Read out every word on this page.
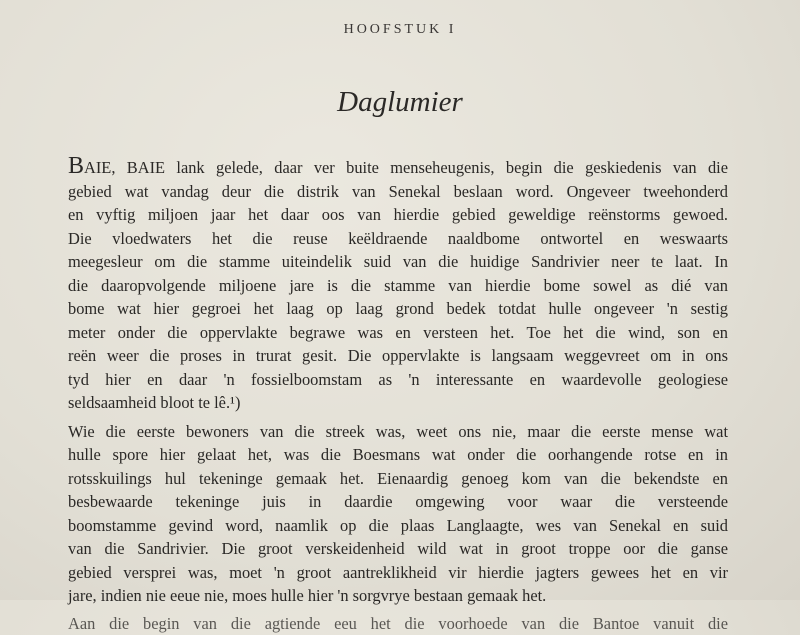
HOOFSTUK I
Daglumier
BAIE, BAIE lank gelede, daar ver buite menseheugenis, begin die geskiedenis van die
gebied wat vandag deur die distrik van Senekal beslaan word. Ongeveer tweehonderd
en vyftig miljoen jaar het daar oos van hierdie gebied geweldige reënstorms gewoed.
Die vloedwaters het die reuse keëldraende naaldbome ontwortel en weswaarts
meegesleur om die stamme uiteindelik suid van die huidige Sandrivier neer te laat. In
die daaropvolgende miljoene jare is die stamme van hierdie bome sowel as dié van
bome wat hier gegroei het laag op laag grond bedek totdat hulle ongeveer 'n sestig
meter onder die oppervlakte begrawe was en versteen het. Toe het die wind, son en
reën weer die proses in trurat gesit. Die oppervlakte is langsaam weggevreet om in ons
tyd hier en daar 'n fossielboomstam as 'n interessante en waardevolle geologiese
seldsaamheid bloot te lê.¹)
Wie die eerste bewoners van die streek was, weet ons nie, maar die eerste mense wat
hulle spore hier gelaat het, was die Boesmans wat onder die oorhangende rotse en in
rotsskuilings hul tekeninge gemaak het. Eienaardig genoeg kom van die bekendste en
besbewaarde tekeninge juis in daardie omgewing voor waar die versteende
boomstamme gevind word, naamlik op die plaas Langlaagte, wes van Senekal en suid
van die Sandrivier. Die groot verskeidenheid wild wat in groot troppe oor die ganse
gebied versprei was, moet 'n groot aantreklikheid vir hierdie jagters gewees het en vir
jare, indien nie eeue nie, moes hulle hier 'n sorgvrye bestaan gemaak het.
Aan die begin van die agtiende eeu het die voorhoede van die Bantoe vanuit die
